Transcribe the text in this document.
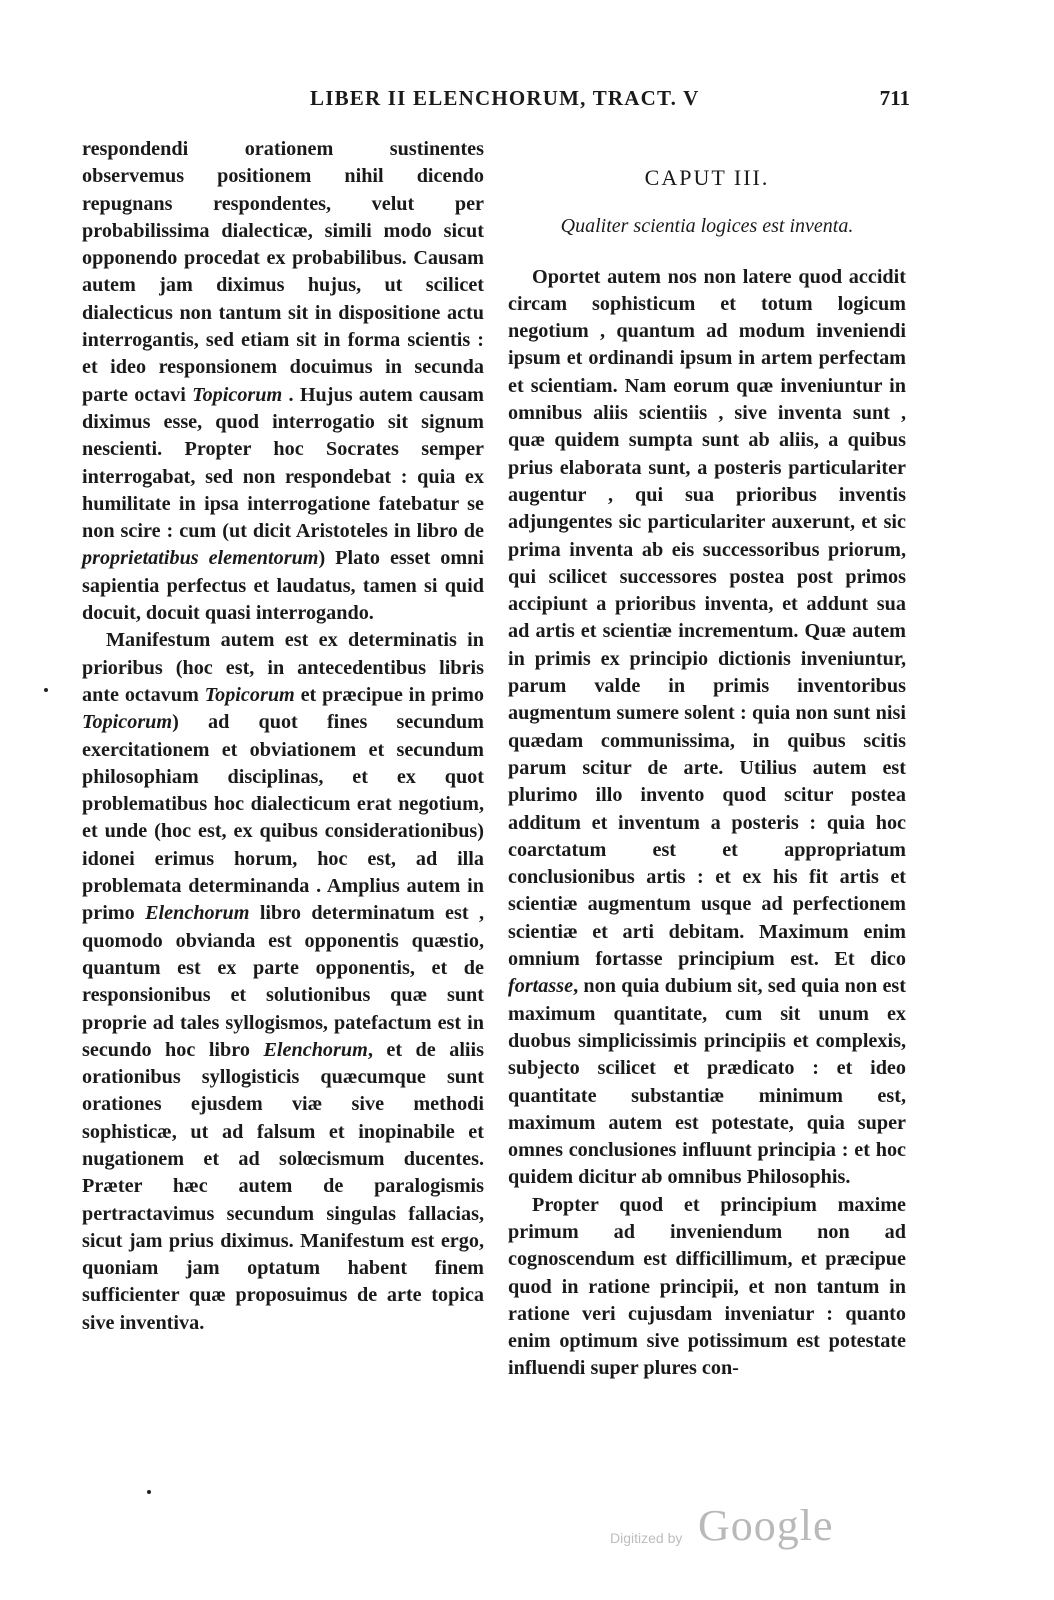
LIBER II ELENCHORUM, TRACT. V	711

respondendi orationem sustinentes observemus positionem nihil dicendo repugnans respondentes, velut per probabilissima dialecticæ, simili modo sicut opponendo procedat ex probabilibus. Causam autem jam diximus hujus, ut scilicet dialecticus non tantum sit in dispositione actu interrogantis, sed etiam sit in forma scientis : et ideo responsionem docuimus in secunda parte octavi Topicorum . Hujus autem causam diximus esse, quod interrogatio sit signum nescienti. Propter hoc Socrates semper interrogabat, sed non respondebat : quia ex humilitate in ipsa interrogatione fatebatur se non scire : cum (ut dicit Aristoteles in libro de proprietatibus elementorum) Plato esset omni sapientia perfectus et laudatus, tamen si quid docuit, docuit quasi interrogando.

Manifestum autem est ex determinatis in prioribus (hoc est, in antecedentibus libris ante octavum Topicorum et præcipue in primo Topicorum) ad quot fines secundum exercitationem et obviationem et secundum philosophiam disciplinas, et ex quot problematibus hoc dialecticum erat negotium, et unde (hoc est, ex quibus considerationibus) idonei erimus horum, hoc est, ad illa problemata determinanda . Amplius autem in primo Elenchorum libro determinatum est , quomodo obvianda est opponentis quæstio, quantum est ex parte opponentis, et de responsionibus et solutionibus quæ sunt proprie ad tales syllogismos, patefactum est in secundo hoc libro Elenchorum, et de aliis orationibus syllogisticis quæcumque sunt orationes ejusdem viæ sive methodi sophisticæ, ut ad falsum et inopinabile et nugationem et ad solœcismum ducentes. Præter hæc autem de paralogismis pertractavimus secundum singulas fallacias, sicut jam prius diximus. Manifestum est ergo, quoniam jam optatum habent finem sufficienter quæ proposuimus de arte topica sive inventiva.

CAPUT III.
Qualiter scientia logices est inventa.

Oportet autem nos non latere quod accidit circam sophisticum et totum logicum negotium , quantum ad modum inveniendi ipsum et ordinandi ipsum in artem perfectam et scientiam. Nam eorum quæ inveniuntur in omnibus aliis scientiis , sive inventa sunt , quæ quidem sumpta sunt ab aliis, a quibus prius elaborata sunt, a posteris particulariter augentur , qui sua prioribus inventis adjungentes sic particulariter auxerunt, et sic prima inventa ab eis successoribus priorum, qui scilicet successores postea post primos accipiunt a prioribus inventa, et addunt sua ad artis et scientiæ incrementum. Quæ autem in primis ex principio dictionis inveniuntur, parum valde in primis inventoribus augmentum sumere solent : quia non sunt nisi quædam communissima, in quibus scitis parum scitur de arte. Utilius autem est plurimo illo invento quod scitur postea additum et inventum a posteris : quia hoc coarctatum est et appropriatum conclusionibus artis : et ex his fit artis et scientiæ augmentum usque ad perfectionem scientiæ et arti debitam. Maximum enim omnium fortasse principium est. Et dico fortasse, non quia dubium sit, sed quia non est maximum quantitate, cum sit unum ex duobus simplicissimis principiis et complexis, subjecto scilicet et prædicato : et ideo quantitate substantiæ minimum est, maximum autem est potestate, quia super omnes conclusiones influunt principia : et hoc quidem dicitur ab omnibus Philosophis.

Propter quod et principium maxime primum ad inveniendum non ad cognoscendum est difficillimum, et præcipue quod in ratione principii, et non tantum in ratione veri cujusdam inveniatur : quanto enim optimum sive potissimum est potestate influendi super plures con-

Digitized by Google
